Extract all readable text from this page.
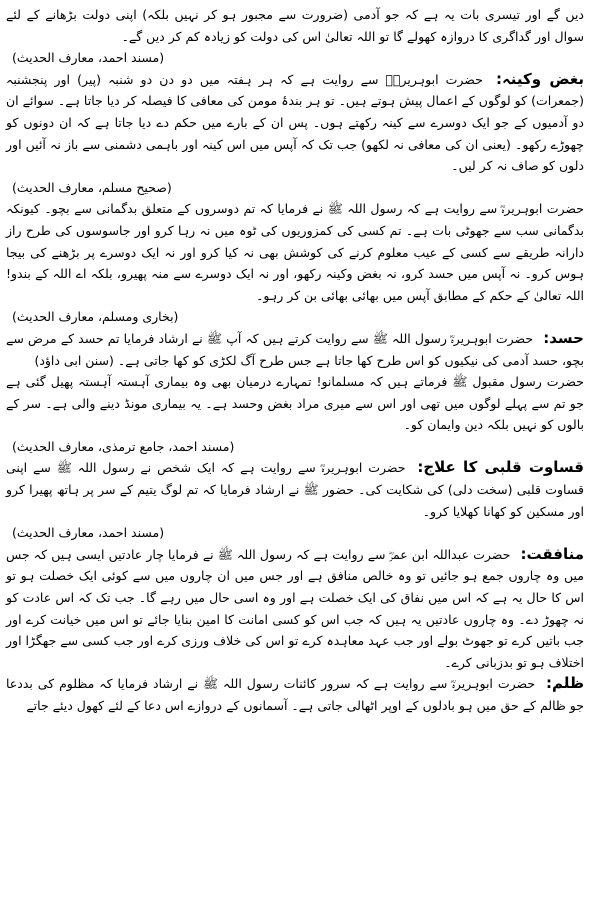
دیں گے اور تیسری بات یہ ہے کہ جو آدمی (ضرورت سے مجبور ہو کر نہیں بلکہ) اپنی دولت بڑھانے کے لئے سوال اور گداگری کا دروازہ کھولے گا تو اللہ تعالیٰ اس کی دولت کو زیادہ کم کر دیں گے۔
(مسند احمد، معارف الحدیث)

بغض وکینہ: حضرت ابوہریرہؓ سے روایت ہے کہ ہر ہفتہ میں دو دن دو شنبہ (پیر) اور پنجشنبہ (جمعرات) کو لوگوں کے اعمال پیش ہوتے ہیں۔ تو ہر بندۂ مومن کی معافی کا فیصلہ کر دیا جاتا ہے۔ سوائے ان دو آدمیوں کے جو ایک دوسرے سے کینہ رکھتے ہوں۔ پس ان کے بارے میں حکم دے دیا جاتا ہے کہ ان دونوں کو چھوڑے رکھو۔ (یعنی ان کی معافی نہ لکھو) جب تک کہ آپس میں اس کینہ اور باہمی دشمنی سے باز نہ آئیں اور دلوں کو صاف نہ کر لیں۔
(صحیح مسلم، معارف الحدیث)

حضرت ابوہریرہؓ سے روایت ہے کہ رسول اللہ ﷺ نے فرمایا کہ تم دوسروں کے متعلق بدگمانی سے بچو۔ کیونکہ بدگمانی سب سے جھوٹی بات ہے۔ تم کسی کی کمزوریوں کی ٹوہ میں نہ رہا کرو اور جاسوسوں کی طرح راز دارانہ طریقے سے کسی کے عیب معلوم کرنے کی کوشش بھی نہ کیا کرو اور نہ ایک دوسرے پر بڑھنے کی بیجا ہوس کرو۔ نہ آپس میں حسد کرو، نہ بغض وکینہ رکھو، اور نہ ایک دوسرے سے منہ پھیرو، بلکہ اے اللہ کے بندو! اللہ تعالیٰ کے حکم کے مطابق آپس میں بھائی بھائی بن کر رہو۔
(بخاری ومسلم، معارف الحدیث)

حسد: حضرت ابوہریرہؓ رسول اللہ ﷺ سے روایت کرتے ہیں کہ آپ ﷺ نے ارشاد فرمایا تم حسد کے مرض سے بچو، حسد آدمی کی نیکیوں کو اس طرح کھا جاتا ہے جس طرح آگ لکڑی کو کھا جاتی ہے۔ (سنن ابی داؤد)

حضرت رسول مقبول ﷺ فرماتے ہیں کہ مسلمانو! تمہارے درمیان بھی وہ بیماری آہستہ آہستہ پھیل گئی ہے جو تم سے پہلے لوگوں میں تھی اور اس سے میری مراد بغض وحسد ہے۔ یہ بیماری مونڈ دینے والی ہے۔ سر کے بالوں کو نہیں بلکہ دین وایمان کو۔
(مسند احمد، جامع ترمذی، معارف الحدیث)

قساوت قلبی کا علاج: حضرت ابوہریرہؓ سے روایت ہے کہ ایک شخص نے رسول اللہ ﷺ سے اپنی قساوت قلبی (سخت دلی) کی شکایت کی۔ حضور ﷺ نے ارشاد فرمایا کہ تم لوگ یتیم کے سر پر ہاتھ پھیرا کرو اور مسکین کو کھانا کھلایا کرو۔
(مسند احمد، معارف الحدیث)

منافقت: حضرت عبداللہ ابن عمرؓ سے روایت ہے کہ رسول اللہ ﷺ نے فرمایا چار عادتیں ایسی ہیں کہ جس میں وہ چاروں جمع ہو جائیں تو وہ خالص منافق ہے اور جس میں ان چاروں میں سے کوئی ایک خصلت ہو تو اس کا حال یہ ہے کہ اس میں نفاق کی ایک خصلت ہے اور وہ اسی حال میں رہے گا۔ جب تک کہ اس عادت کو نہ چھوڑ دے۔ وہ چاروں عادتیں یہ ہیں کہ جب اس کو کسی امانت کا امین بنایا جائے تو اس میں خیانت کرے اور جب باتیں کرے تو جھوٹ بولے اور جب عہد معاہدہ کرے تو اس کی خلاف ورزی کرے اور جب کسی سے جھگڑا اور اختلاف ہو تو بدزبانی کرے۔

ظلم: حضرت ابوہریرہؓ سے روایت ہے کہ سرور کائنات رسول اللہ ﷺ نے ارشاد فرمایا کہ مظلوم کی بددعا جو ظالم کے حق میں ہو بادلوں کے اوپر اٹھالی جاتی ہے۔ آسمانوں کے دروازے اس دعا کے لئے کھول دیئے جاتے
